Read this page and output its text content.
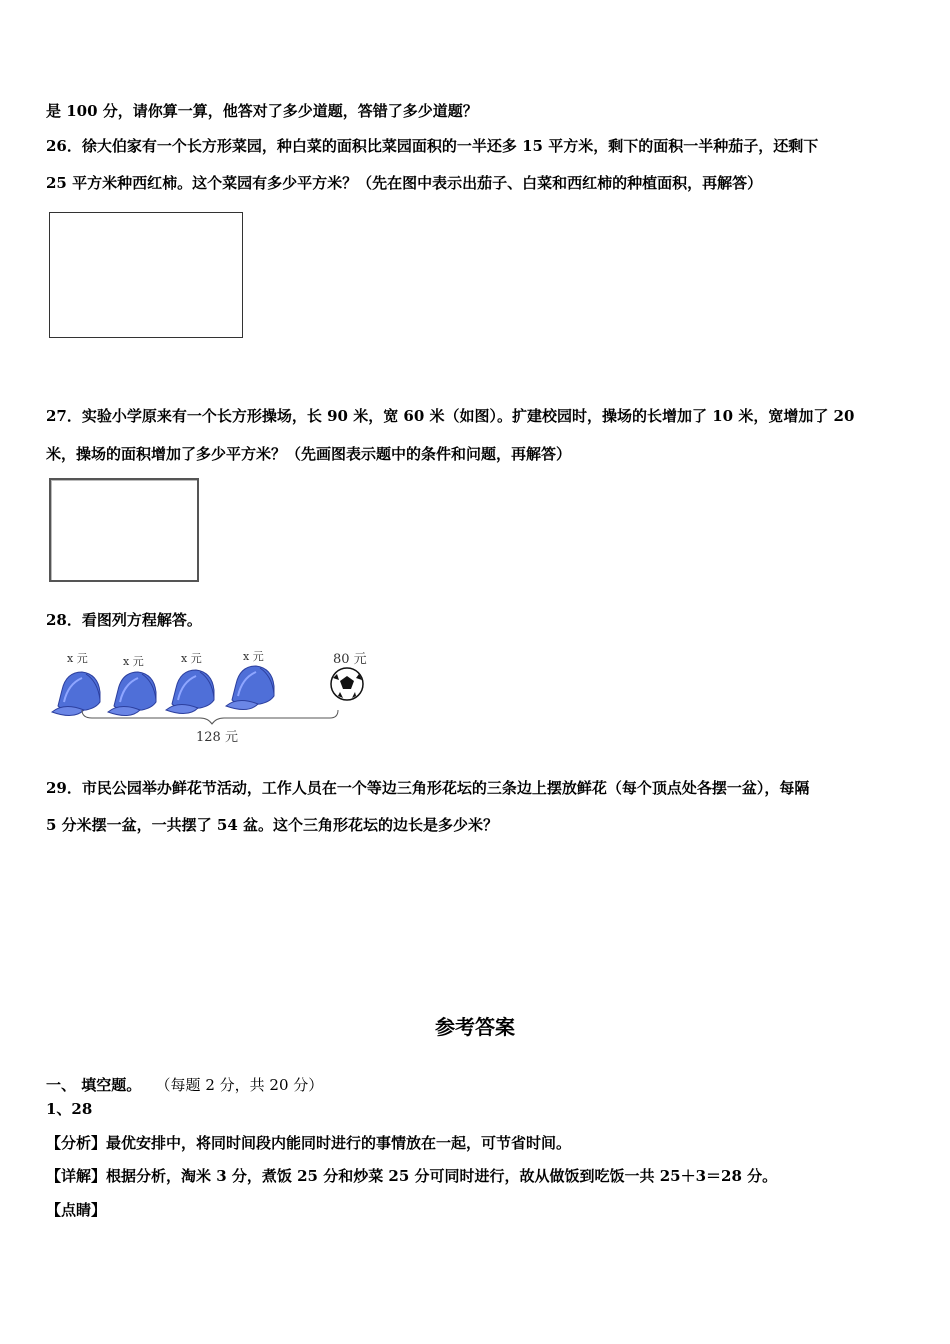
是 100 分，请你算一算，他答对了多少道题，答错了多少道题？
26．徐大伯家有一个长方形菜园，种白菜的面积比菜园面积的一半还多 15 平方米，剩下的面积一半种茄子，还剩下
25 平方米种西红柿。这个菜园有多少平方米？（先在图中表示出茄子、白菜和西红柿的种植面积，再解答）
27．实验小学原来有一个长方形操场，长 90 米，宽 60 米（如图）。扩建校园时，操场的长增加了 10 米，宽增加了 20
米，操场的面积增加了多少平方米？（先画图表示题中的条件和问题，再解答）
28．看图列方程解答。
x 元	x 元	x 元	x 元	80 元
128 元
29．市民公园举办鲜花节活动，工作人员在一个等边三角形花坛的三条边上摆放鲜花（每个顶点处各摆一盆），每隔
5 分米摆一盆，一共摆了 54 盆。这个三角形花坛的边长是多少米？
参考答案
一、 填空题。 （每题 2 分，共 20 分）
1、28
【分析】最优安排中，将同时间段内能同时进行的事情放在一起，可节省时间。
【详解】根据分析，淘米 3 分，煮饭 25 分和炒菜 25 分可同时进行，故从做饭到吃饭一共 25＋3＝28 分。
【点睛】
